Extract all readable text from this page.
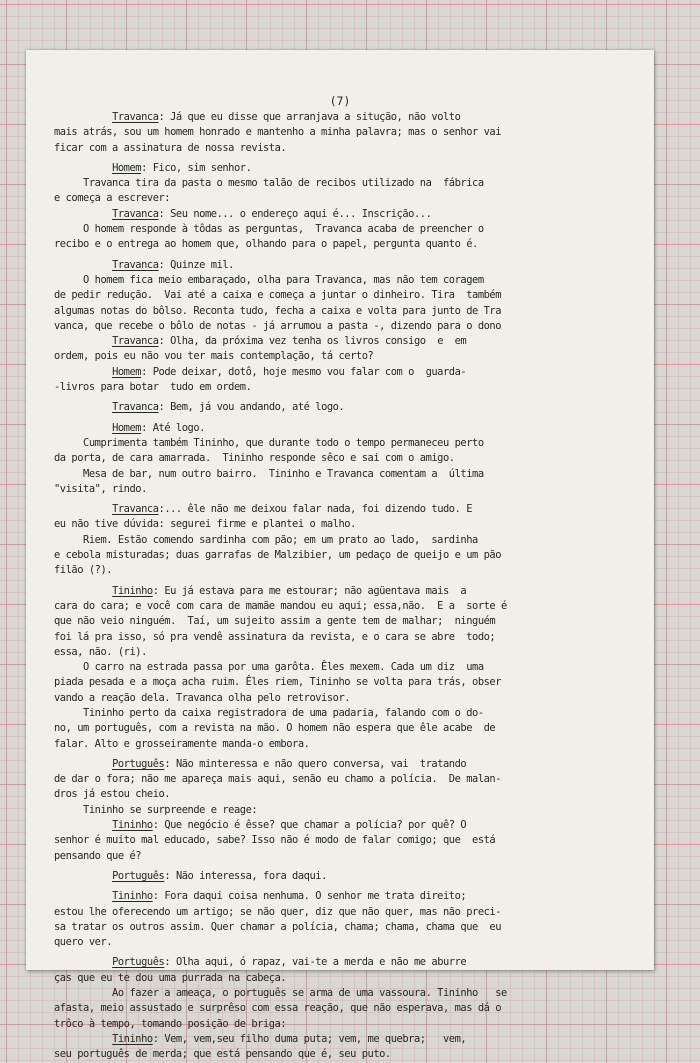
(7)
Travanca: Já que eu disse que arranjava a situção, não volto
mais atrás, sou um homem honrado e mantenho a minha palavra; mas o senhor vai
ficar com a assinatura de nossa revista.
Homem: Fico, sim senhor.
Travanca tira da pasta o mesmo talão de recibos utilizado na  fábrica
e começa a escrever:
Travanca: Seu nome... o endereço aqui é... Inscrição...
O homem responde à tôdas as perguntas,  Travanca acaba de preencher o
recibo e o entrega ao homem que, olhando para o papel, pergunta quanto é.
Travanca: Quinze mil.
O homem fica meio embaraçado, olha para Travanca, mas não tem coragem
de pedir redução.  Vai até a caixa e começa a juntar o dinheiro. Tira  também
algumas notas do bôlso. Reconta tudo, fecha a caixa e volta para junto de Tra
vanca, que recebe o bôlo de notas - já arrumou a pasta -, dizendo para o dono
Travanca: Olha, da próxima vez tenha os livros consigo  e  em
ordem, pois eu não vou ter mais contemplação, tá certo?
Homem: Pode deixar, dotô, hoje mesmo vou falar com o  guarda-
-livros para botar  tudo em ordem.
Travanca: Bem, já vou andando, até logo.
Homem: Até logo.
Cumprimenta também Tininho, que durante todo o tempo permaneceu perto
da porta, de cara amarrada.  Tininho responde sêco e sai com o amigo.
Mesa de bar, num outro bairro.  Tininho e Travanca comentam a  última
"visita", rindo.
Travanca:... êle não me deixou falar nada, foi dizendo tudo. E
eu não tive dúvida: segurei firme e plantei o malho.
Riem. Estão comendo sardinha com pão; em um prato ao lado,  sardinha
e cebola misturadas; duas garrafas de Malzibier, um pedaço de queijo e um pão
filão (?).
Tininho: Eu já estava para me estourar; não agüentava mais  a
cara do cara; e você com cara de mamãe mandou eu aqui; essa,não.  E a  sorte é
que não veio ninguém.  Taí, um sujeito assim a gente tem de malhar;  ninguém
foi lá pra isso, só pra vendê assinatura da revista, e o cara se abre  todo;
essa, não. (ri).
O carro na estrada passa por uma garôta. Êles mexem. Cada um diz  uma
piada pesada e a moça acha ruim. Êles riem, Tininho se volta para trás, obser
vando a reação dela. Travanca olha pelo retrovisor.
Tininho perto da caixa registradora de uma padaria, falando com o do-
no, um português, com a revista na mão. O homem não espera que êle acabe  de
falar. Alto e grosseiramente manda-o embora.
Português: Não minteressa e não quero conversa, vai  tratando
de dar o fora; não me apareça mais aqui, senão eu chamo a polícia.  De malan-
dros já estou cheio.
Tininho se surpreende e reage:
Tininho: Que negócio é êsse? que chamar a polícia? por quê? O
senhor é muito mal educado, sabe? Isso não é modo de falar comigo; que  está
pensando que é?
Português: Não interessa, fora daqui.
Tininho: Fora daqui coisa nenhuma. O senhor me trata direito;
estou lhe oferecendo um artigo; se não quer, diz que não quer, mas não preci-
sa tratar os outros assim. Quer chamar a polícia, chama; chama, chama que  eu
quero ver.
Português: Olha aqui, ó rapaz, vai-te a merda e não me aburre
ças que eu te dou uma purrada na cabeça.
Ao fazer a ameaça, o português se arma de uma vassoura. Tininho   se
afasta, meio assustado e surprêso com essa reação, que não esperava, mas dá o
trôco à tempo, tomando posição de briga:
Tininho: Vem, vem,seu filho duma puta; vem, me quebra;   vem,
seu português de merda; que está pensando que é, seu puto.
